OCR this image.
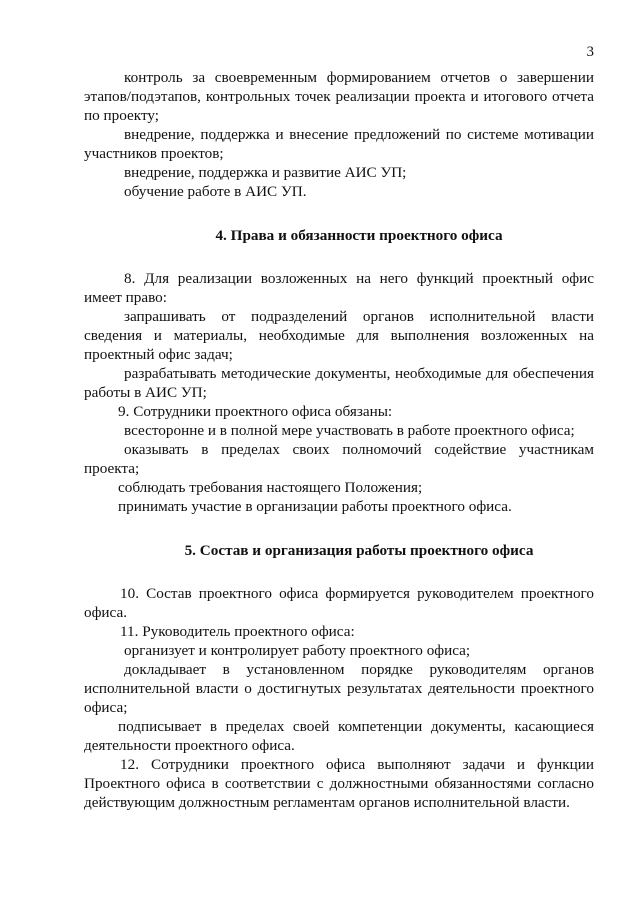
3

контроль за своевременным формированием отчетов о завершении этапов/подэтапов, контрольных точек реализации проекта и итогового отчета по проекту;

внедрение, поддержка и внесение предложений по системе мотивации участников проектов;

внедрение, поддержка и развитие АИС УП;

обучение работе в АИС УП.

4. Права и обязанности проектного офиса

8. Для реализации возложенных на него функций проектный офис имеет право:

запрашивать от подразделений органов исполнительной власти сведения и материалы, необходимые для выполнения возложенных на проектный офис задач;

разрабатывать методические документы, необходимые для обеспечения работы в АИС УП;

9. Сотрудники проектного офиса обязаны:

всесторонне и в полной мере участвовать в работе проектного офиса;

оказывать в пределах своих полномочий содействие участникам проекта;

соблюдать требования настоящего Положения;

принимать участие в организации работы проектного офиса.

5. Состав и организация работы проектного офиса

10. Состав проектного офиса формируется руководителем проектного офиса.

11. Руководитель проектного офиса:

организует и контролирует работу проектного офиса;

докладывает в установленном порядке руководителям органов исполнительной власти о достигнутых результатах деятельности проектного офиса;

подписывает в пределах своей компетенции документы, касающиеся деятельности проектного офиса.

12. Сотрудники проектного офиса выполняют задачи и функции Проектного офиса в соответствии с должностными обязанностями согласно действующим должностным регламентам органов исполнительной власти.
